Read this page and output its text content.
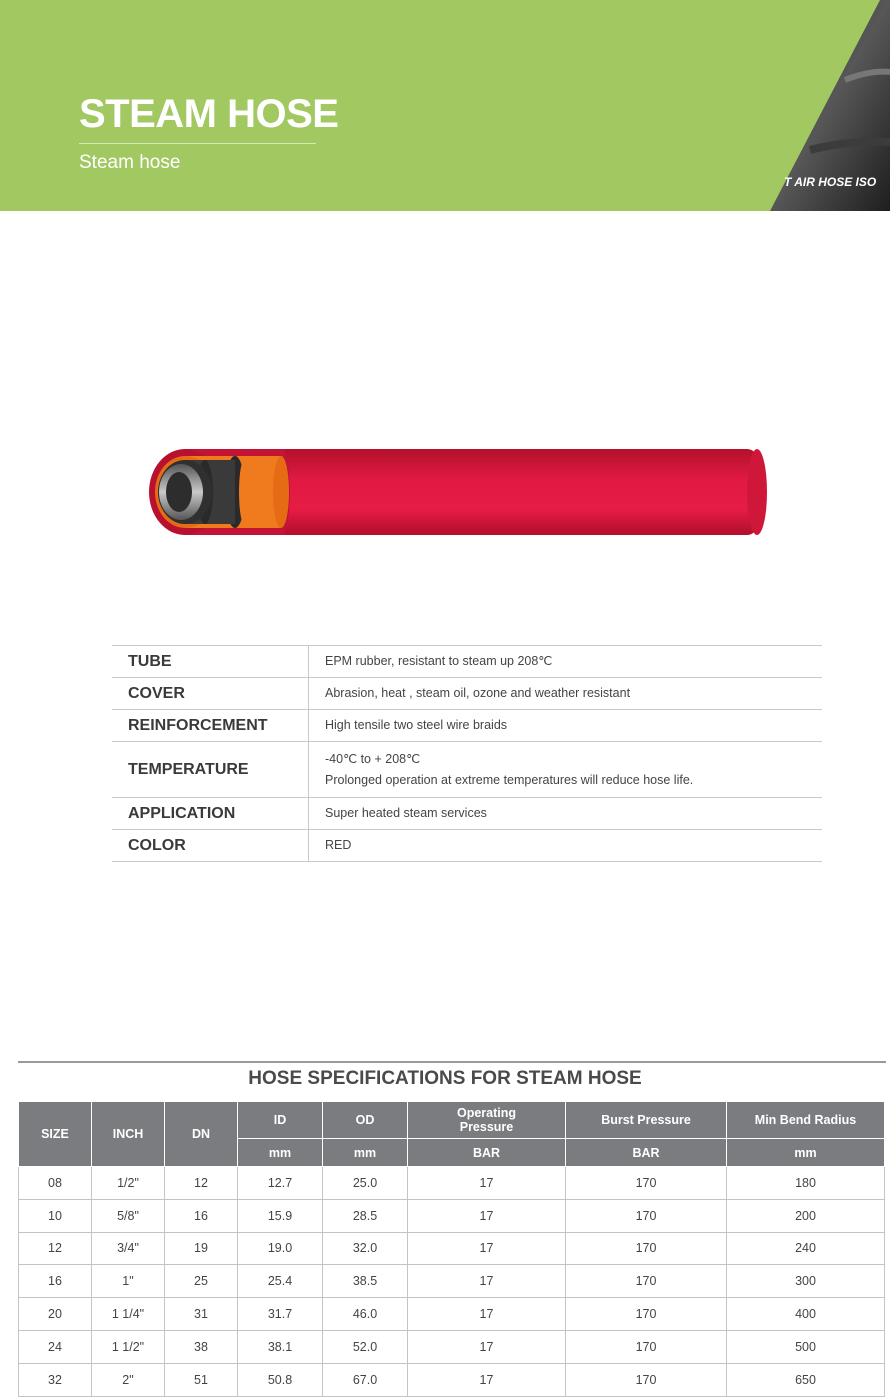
T AIR HOSE ISO
STEAM HOSE
Steam hose
TUBE	EPM rubber, resistant to steam up 208℃

COVER	Abrasion, heat , steam oil, ozone and weather resistant

REINFORCEMENT	High tensile two steel wire braids

TEMPERATURE	-40℃ to + 208℃
Prolonged operation at extreme temperatures will reduce hose life.

APPLICATION	Super heated steam services

COLOR	RED
HOSE SPECIFICATIONS FOR STEAM HOSE
SIZE	INCH	DN	ID	OD	Operating Pressure	Burst Pressure	Min Bend Radius
			mm	mm	BAR	BAR	mm
08	1/2"	12	12.7	25.0	17	170	180
10	5/8"	16	15.9	28.5	17	170	200
12	3/4"	19	19.0	32.0	17	170	240
16	1"	25	25.4	38.5	17	170	300
20	1 1/4"	31	31.7	46.0	17	170	400
24	1 1/2"	38	38.1	52.0	17	170	500
32	2"	51	50.8	67.0	17	170	650
